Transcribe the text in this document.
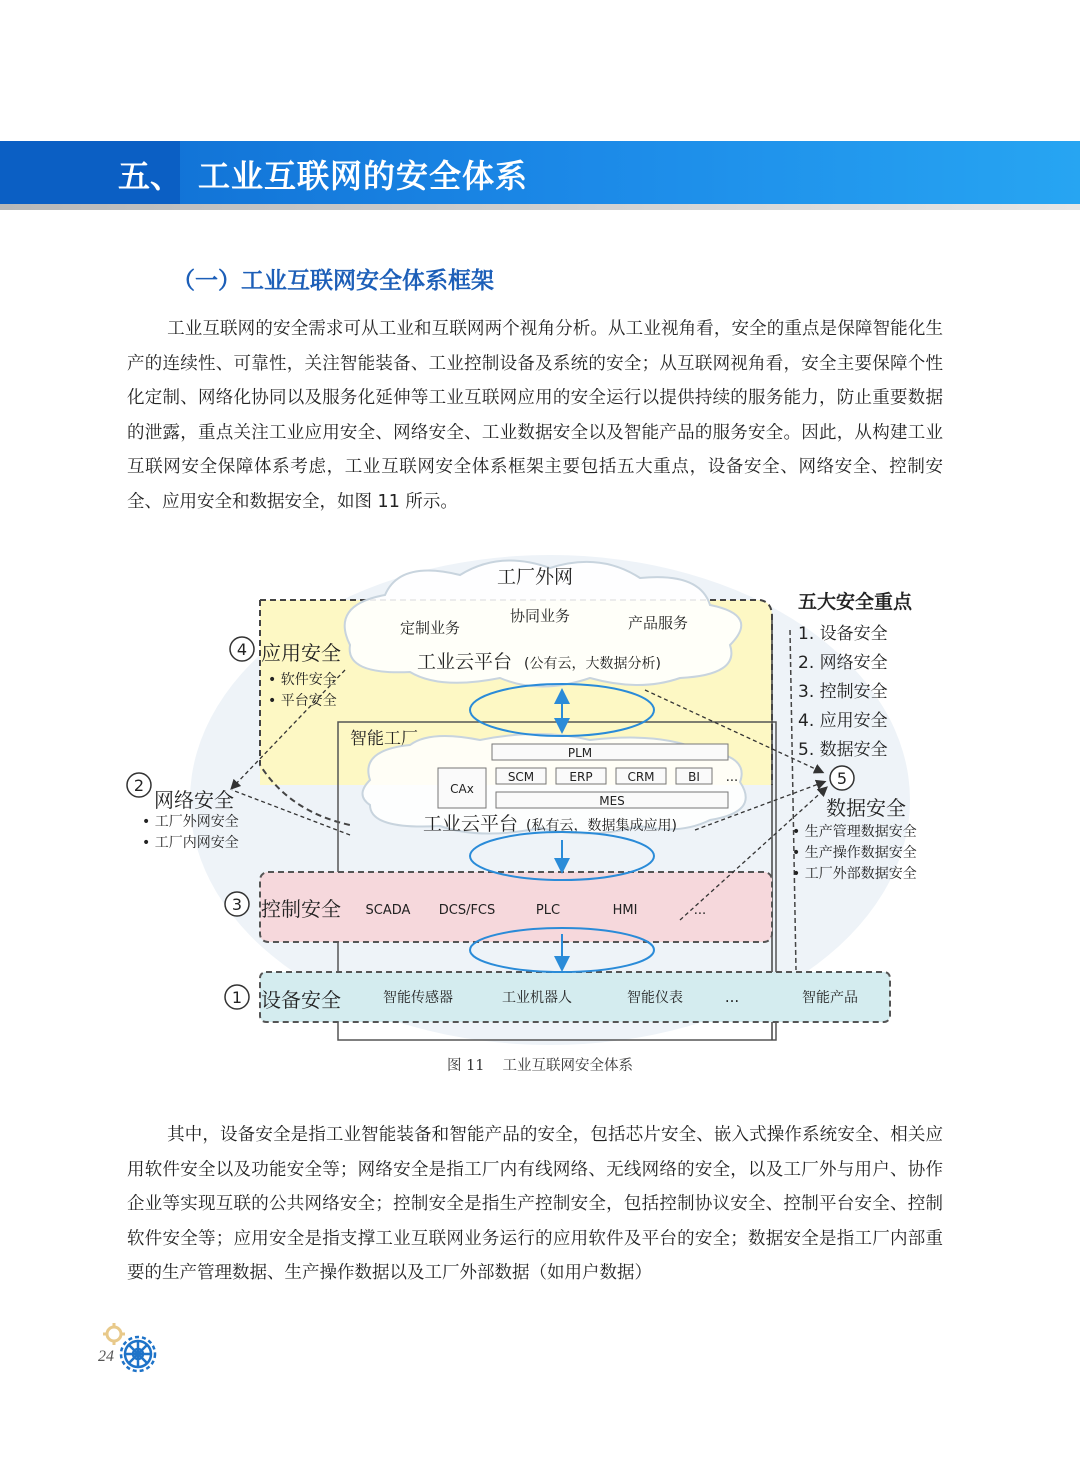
五、 工业互联网的安全体系
（一）工业互联网安全体系框架
工业互联网的安全需求可从工业和互联网两个视角分析。从工业视角看，安全的重点是保障智能化生产的连续性、可靠性，关注智能装备、工业控制设备及系统的安全；从互联网视角看，安全主要保障个性化定制、网络化协同以及服务化延伸等工业互联网应用的安全运行以提供持续的服务能力，防止重要数据的泄露，重点关注工业应用安全、网络安全、工业数据安全以及智能产品的服务安全。因此，从构建工业互联网安全保障体系考虑，工业互联网安全体系框架主要包括五大重点，设备安全、网络安全、控制安全、应用安全和数据安全，如图 11 所示。
工厂外网
定制业务
协同业务	产品服务
工业云平台 (公有云，大数据分析)
智能工厂
PLM
CAx
SCM	ERP	CRM	BI ...
MES
工业云平台 (私有云，数据集成应用)
3 控制安全 SCADA DCS/FCS	PLC	HMI	...
1 设备安全	智能传感器	工业机器人	智能仪表	...	智能产品
4 应用安全
• 软件安全
• 平台安全
2
网络安全
• 工厂外网安全
• 工厂内网安全
五大安全重点
1. 设备安全
2. 网络安全
3. 控制安全
4. 应用安全
5. 数据安全
5
数据安全
• 生产管理数据安全
• 生产操作数据安全
• 工厂外部数据安全
图 11 工业互联网安全体系
其中，设备安全是指工业智能装备和智能产品的安全，包括芯片安全、嵌入式操作系统安全、相关应用软件安全以及功能安全等；网络安全是指工厂内有线网络、无线网络的安全，以及工厂外与用户、协作企业等实现互联的公共网络安全；控制安全是指生产控制安全，包括控制协议安全、控制平台安全、控制软件安全等；应用安全是指支撑工业互联网业务运行的应用软件及平台的安全；数据安全是指工厂内部重要的生产管理数据、生产操作数据以及工厂外部数据（如用户数据）
24
